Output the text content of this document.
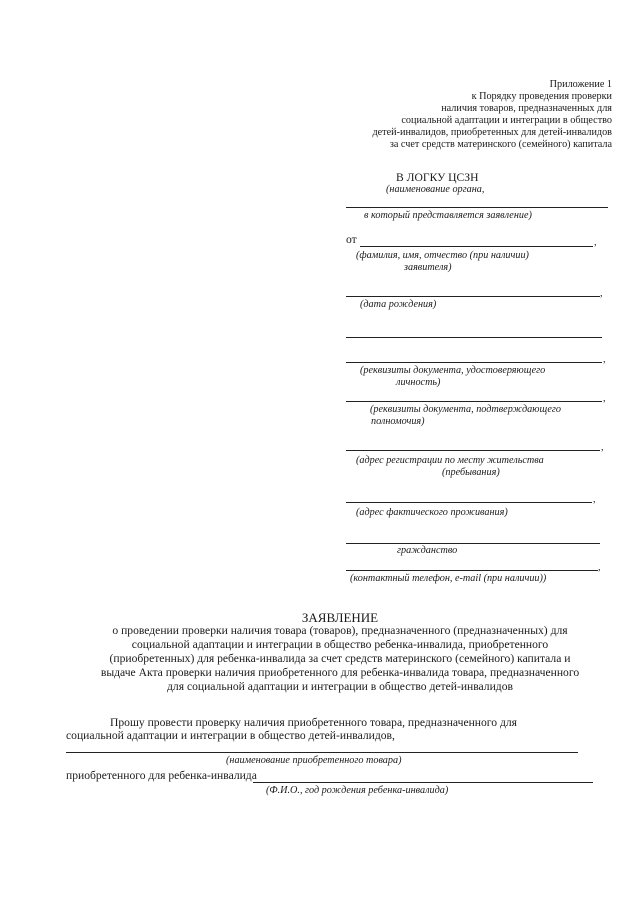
Приложение 1
к Порядку проведения проверки
наличия товаров, предназначенных для
социальной адаптации и интеграции в общество
детей-инвалидов, приобретенных для детей-инвалидов
за счет средств материнского (семейного) капитала
В ЛОГКУ ЦСЗН
(наименование органа,
в который представляется заявление)
от	,
(фамилия, имя, отчество (при наличии)
заявителя)
,
(дата рождения)
,
(реквизиты документа, удостоверяющего
личность)
,
(реквизиты документа, подтверждающего
полномочия)
,
(адрес регистрации по месту жительства
(пребывания)
,
(адрес фактического проживания)
гражданство
,
(контактный телефон, e-mail (при наличии))
ЗАЯВЛЕНИЕ
о проведении проверки наличия товара (товаров), предназначенного (предназначенных) для
социальной адаптации и интеграции в общество ребенка-инвалида, приобретенного
(приобретенных) для ребенка-инвалида за счет средств материнского (семейного) капитала и
выдаче Акта проверки наличия приобретенного для ребенка-инвалида товара, предназначенного
для социальной адаптации и интеграции в общество детей-инвалидов
Прошу провести проверку наличия приобретенного товара, предназначенного для
социальной адаптации и интеграции в общество детей-инвалидов,
(наименование приобретенного товара)
приобретенного для ребенка-инвалида
(Ф.И.О., год рождения ребенка-инвалида)
